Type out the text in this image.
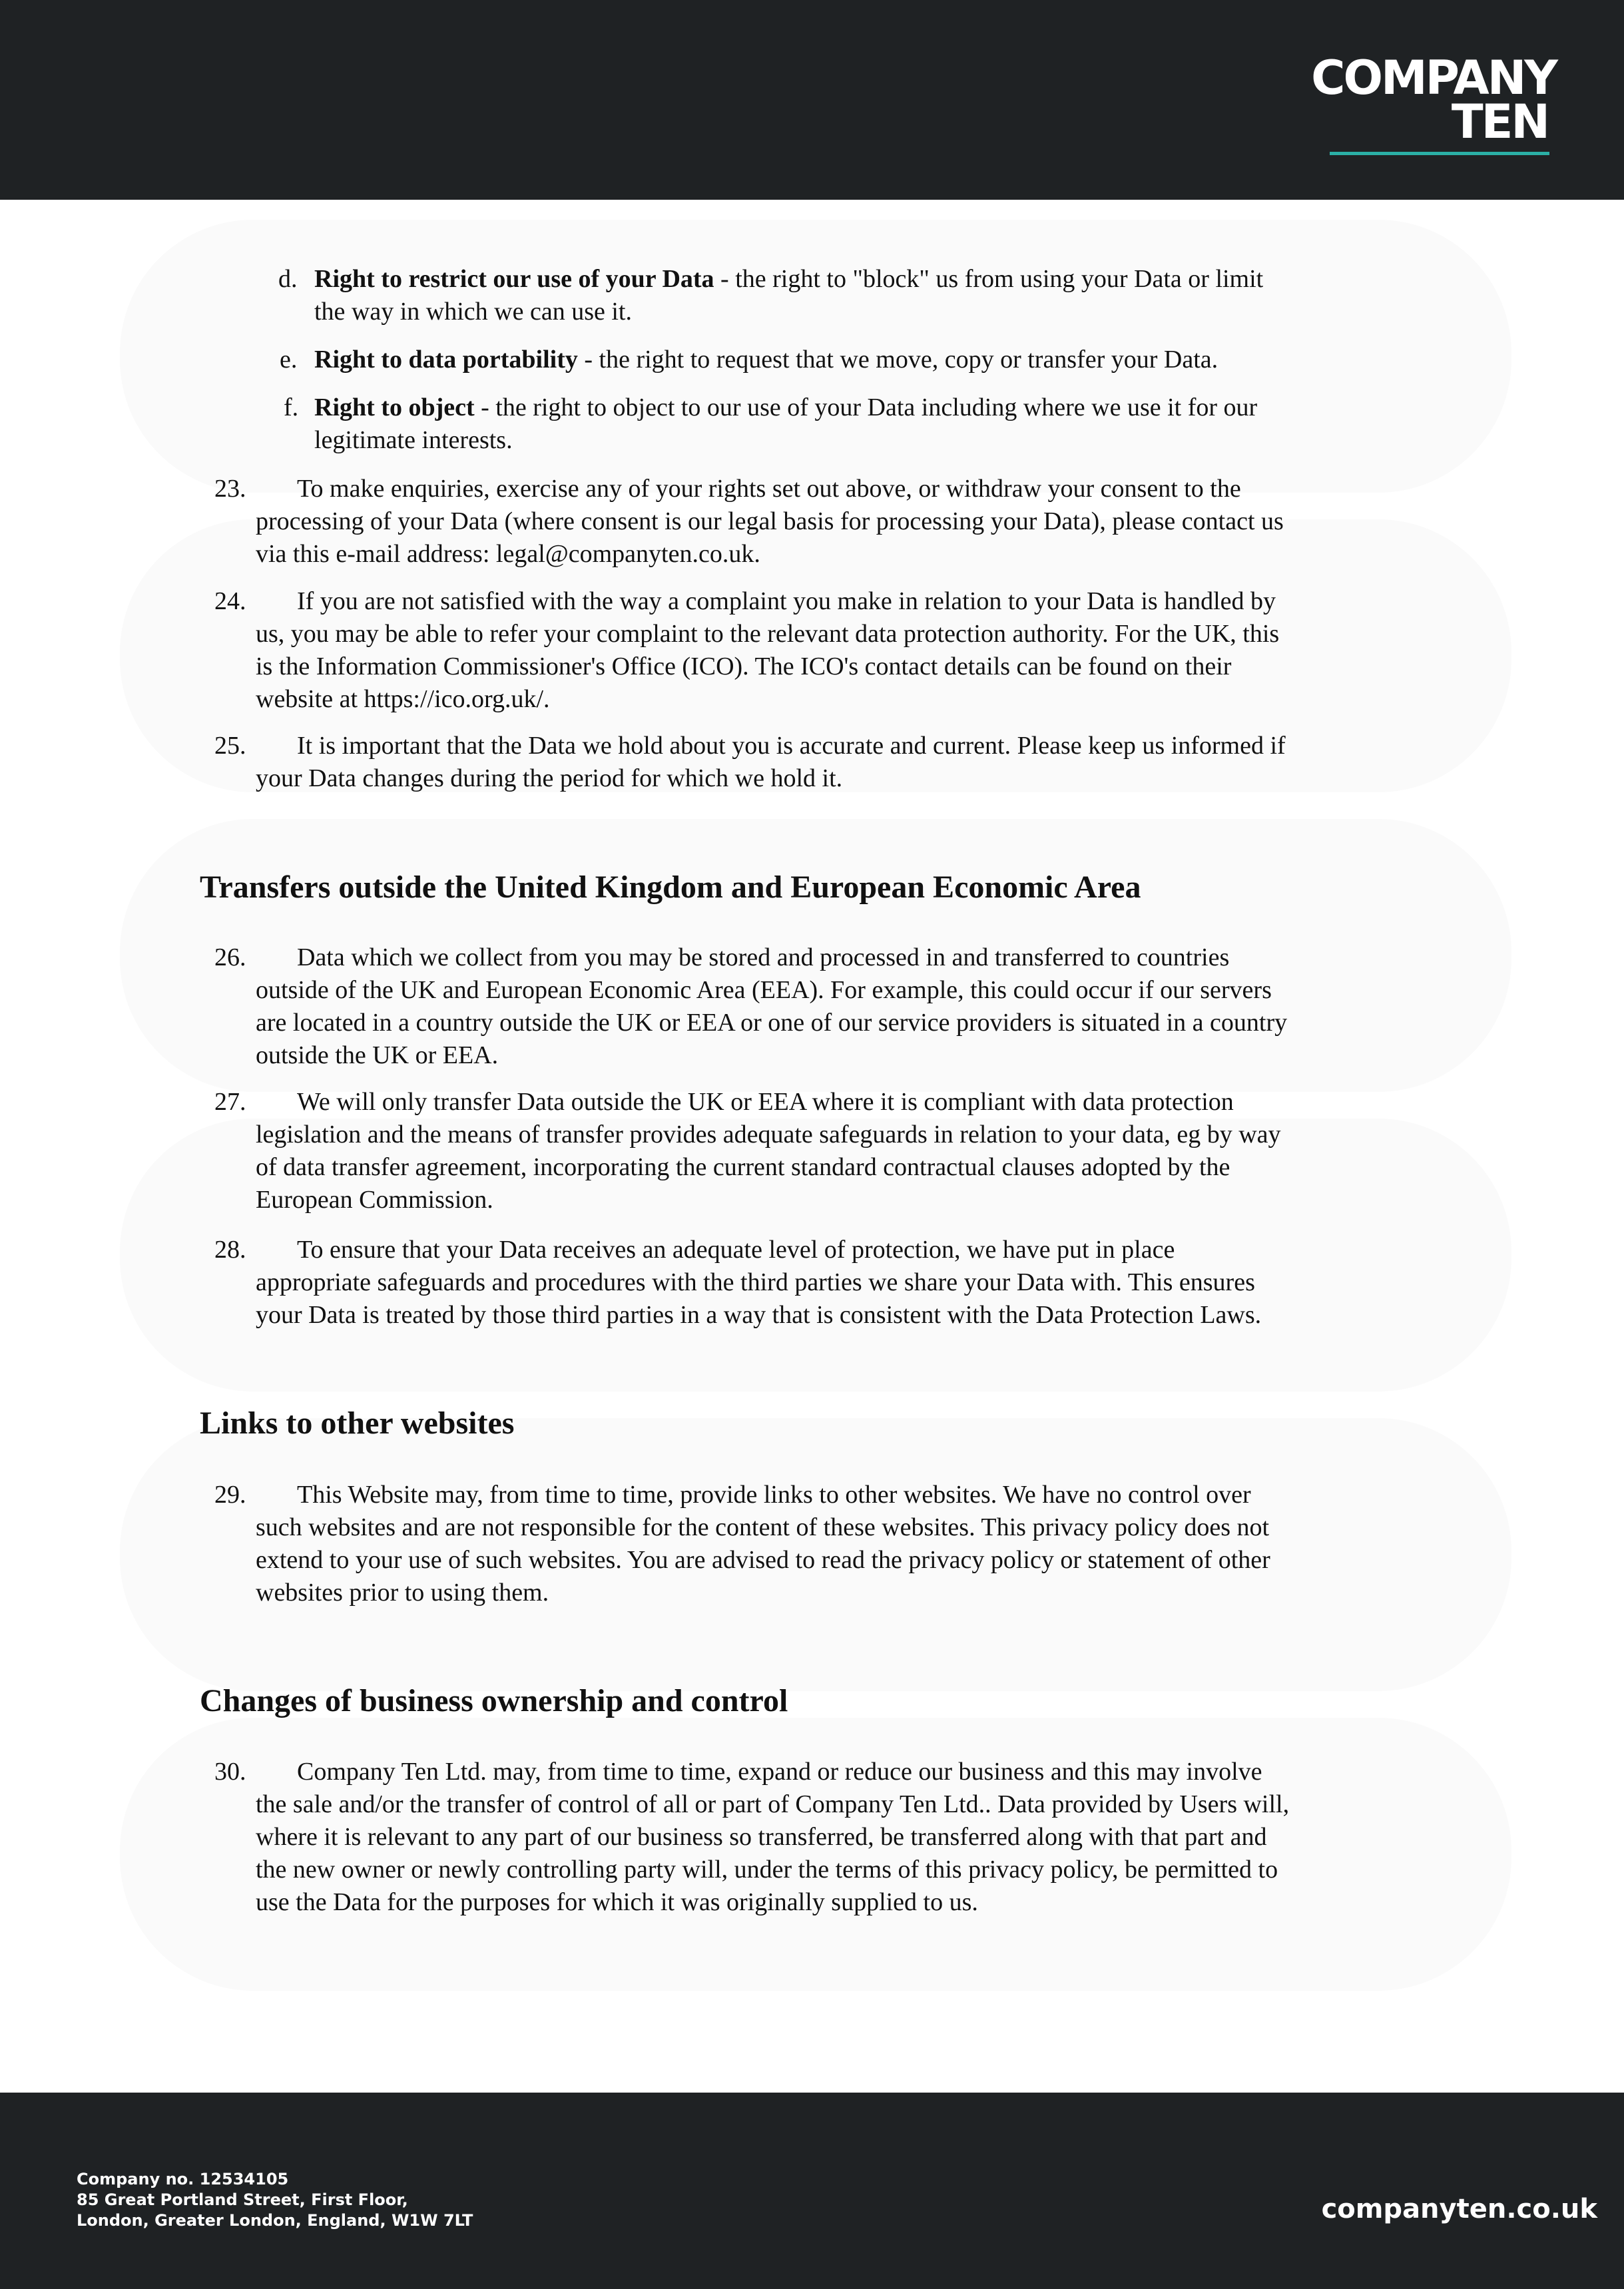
COMPANY
TEN
d. Right to restrict our use of your Data - the right to "block" us from using your Data or limit
the way in which we can use it.
e. Right to data portability - the right to request that we move, copy or transfer your Data.
f. Right to object - the right to object to our use of your Data including where we use it for our
legitimate interests.
23. To make enquiries, exercise any of your rights set out above, or withdraw your consent to the
processing of your Data (where consent is our legal basis for processing your Data), please contact us
via this e-mail address: legal@companyten.co.uk.
24. If you are not satisfied with the way a complaint you make in relation to your Data is handled by
us, you may be able to refer your complaint to the relevant data protection authority. For the UK, this
is the Information Commissioner's Office (ICO). The ICO's contact details can be found on their
website at https://ico.org.uk/.
25. It is important that the Data we hold about you is accurate and current. Please keep us informed if
your Data changes during the period for which we hold it.
Transfers outside the United Kingdom and European Economic Area
26. Data which we collect from you may be stored and processed in and transferred to countries
outside of the UK and European Economic Area (EEA). For example, this could occur if our servers
are located in a country outside the UK or EEA or one of our service providers is situated in a country
outside the UK or EEA.
27. We will only transfer Data outside the UK or EEA where it is compliant with data protection
legislation and the means of transfer provides adequate safeguards in relation to your data, eg by way
of data transfer agreement, incorporating the current standard contractual clauses adopted by the
European Commission.
28. To ensure that your Data receives an adequate level of protection, we have put in place
appropriate safeguards and procedures with the third parties we share your Data with. This ensures
your Data is treated by those third parties in a way that is consistent with the Data Protection Laws.
Links to other websites
29. This Website may, from time to time, provide links to other websites. We have no control over
such websites and are not responsible for the content of these websites. This privacy policy does not
extend to your use of such websites. You are advised to read the privacy policy or statement of other
websites prior to using them.
Changes of business ownership and control
30. Company Ten Ltd. may, from time to time, expand or reduce our business and this may involve
the sale and/or the transfer of control of all or part of Company Ten Ltd.. Data provided by Users will,
where it is relevant to any part of our business so transferred, be transferred along with that part and
the new owner or newly controlling party will, under the terms of this privacy policy, be permitted to
use the Data for the purposes for which it was originally supplied to us.
Company no. 12534105
85 Great Portland Street, First Floor,
London, Greater London, England, W1W 7LT	companyten.co.uk
